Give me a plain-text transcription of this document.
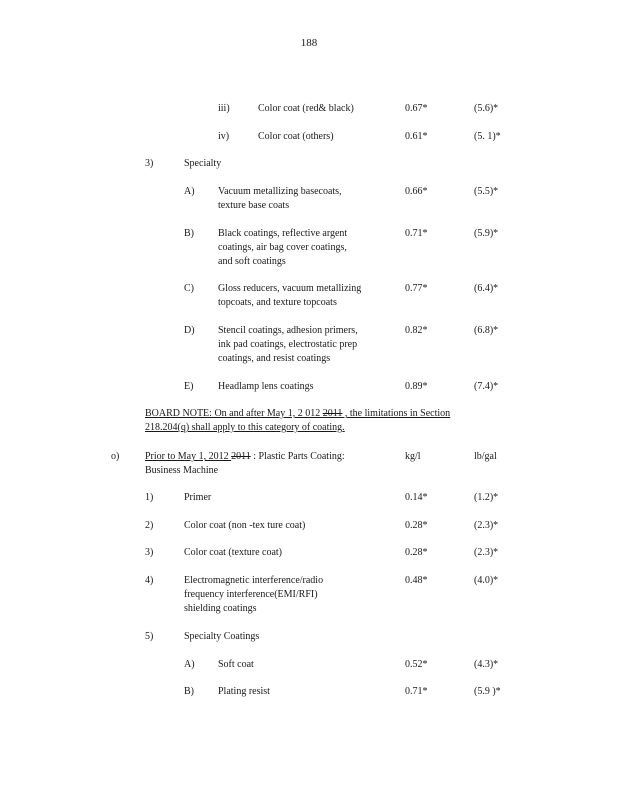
188
iii)	Color coat (red& black)	0.67*	(5.6)*
iv)	Color coat (others)	0.61*	(5. 1)*
3)	Specialty
A) Vacuum metallizing basecoats,
texture base coats
0.66*	(5.5)*
B) Black coatings, reflective argent
coatings, air bag cover coatings,
and soft coatings
0.71*	(5.9)*
C) Gloss reducers, vacuum metallizing
topcoats, and texture topcoats
0.77*	(6.4)*
D) Stencil coatings, adhesion primers,
ink pad coatings, electrostatic prep
coatings, and resist coatings
0.82*	(6.8)*
E) Headlamp lens coatings	0.89*	(7.4)*
BOARD NOTE: On and after May 1, 2 012 2011 , the limitations in Section
218.204(q) shall apply to this category of coating.
o)	Prior to May 1, 2012 2011 : Plastic Parts Coating:
Business Machine
kg/l	lb/gal
1)	Primer	0.14*	(1.2)*
2)	Color coat (non -tex ture coat)	0.28*	(2.3)*
3)	Color coat (texture coat)	0.28*	(2.3)*
4)	Electromagnetic interference/radio
frequency interference(EMI/RFI)
shielding coatings
0.48*	(4.0)*
5)	Specialty Coatings
A) Soft coat	0.52*	(4.3)*
B) Plating resist	0.71*	(5.9 )*
